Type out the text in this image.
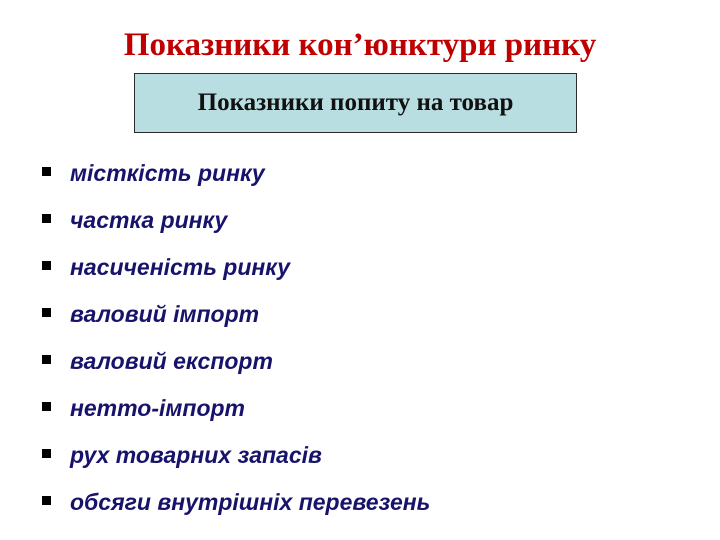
Показники кон’юнктури ринку
Показники попиту на товар
місткість ринку
частка ринку
насиченість ринку
валовий імпорт
валовий експорт
нетто-імпорт
рух товарних запасів
обсяги внутрішніх перевезень
